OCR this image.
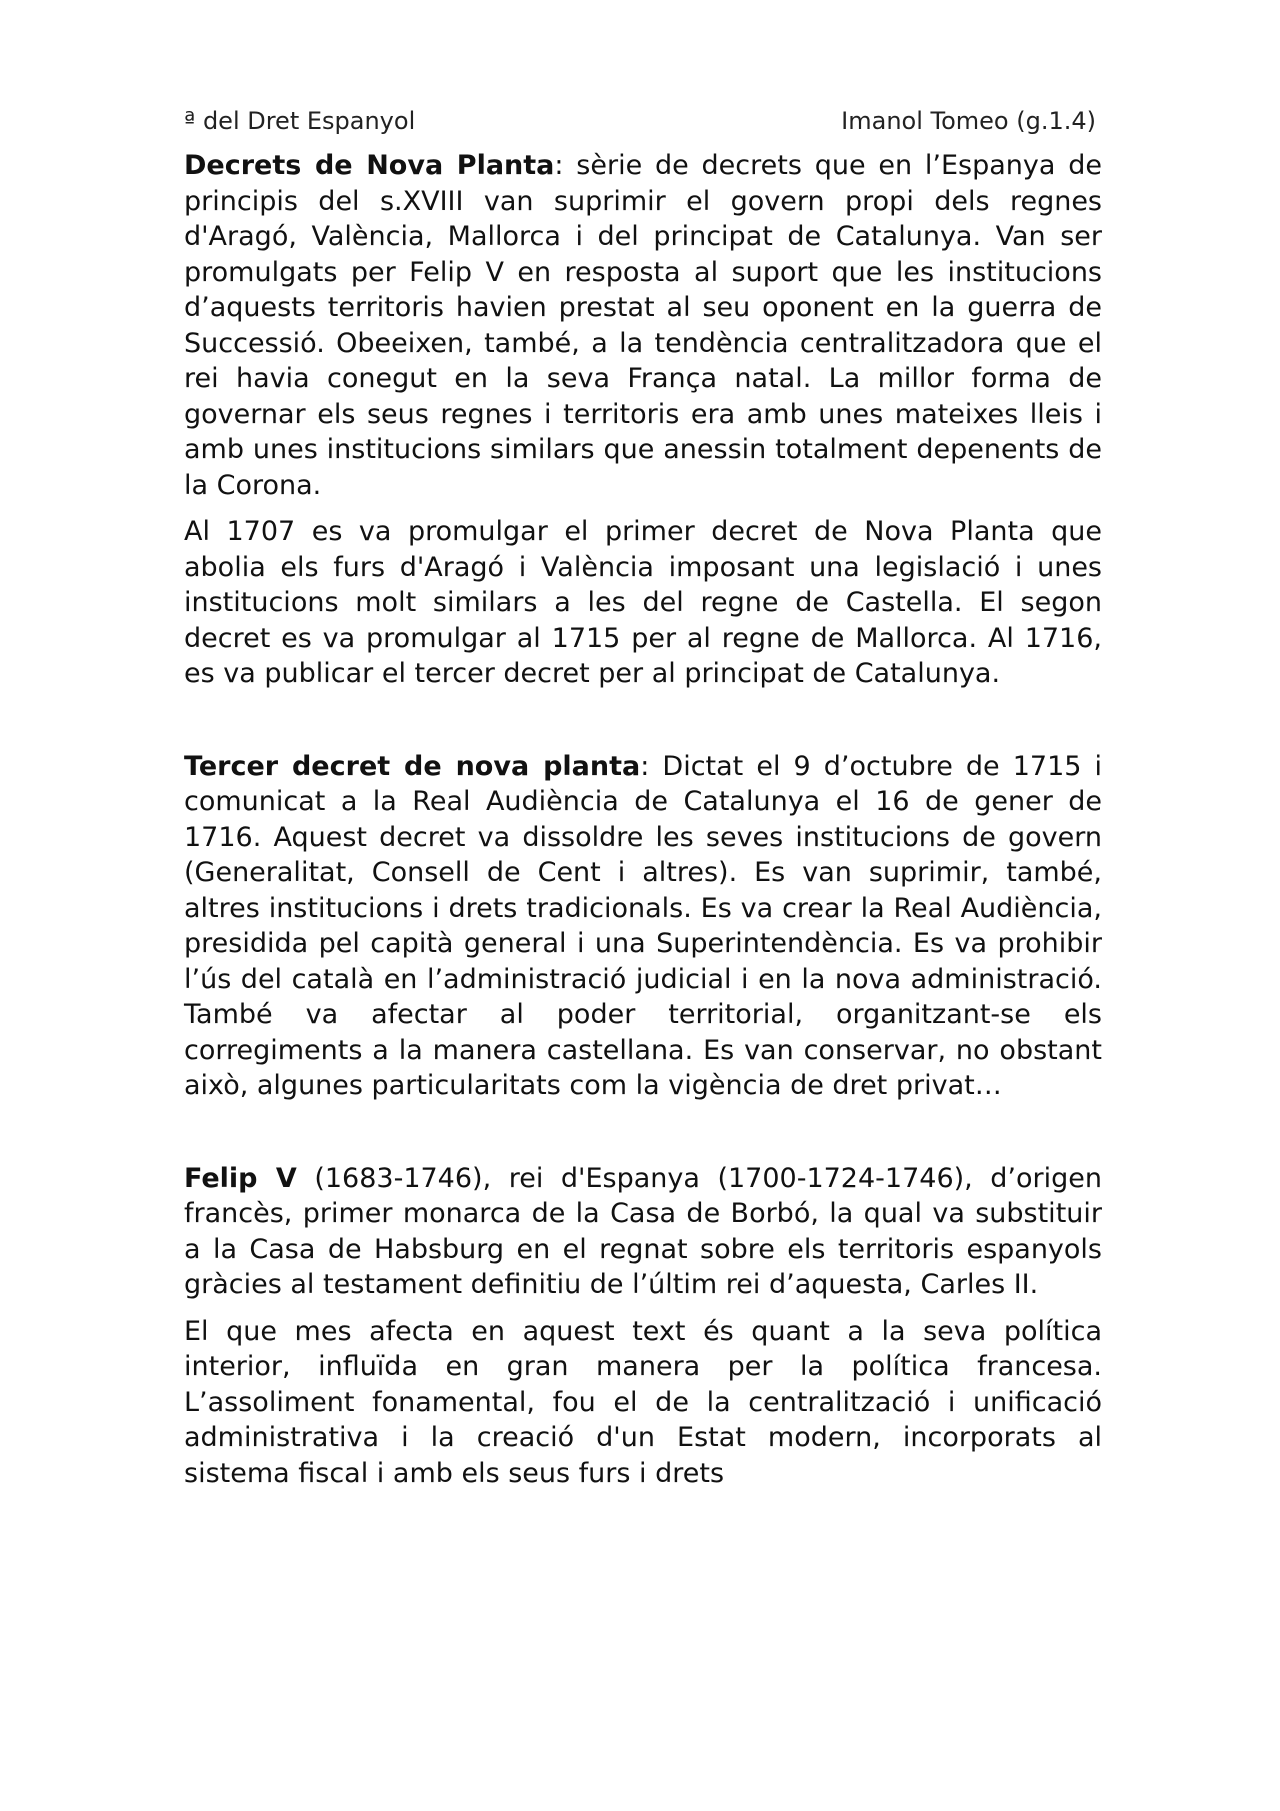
ª del Dret Espanyol	Imanol Tomeo (g.1.4)

Decrets de Nova Planta: sèrie de decrets que en l’Espanya de principis del s.XVIII van suprimir el govern propi dels regnes d'Aragó, València, Mallorca i del principat de Catalunya. Van ser promulgats per Felip V en resposta al suport que les institucions d’aquests territoris havien prestat al seu oponent en la guerra de Successió. Obeeixen, també, a la tendència centralitzadora que el rei havia conegut en la seva França natal. La millor forma de governar els seus regnes i territoris era amb unes mateixes lleis i amb unes institucions similars que anessin totalment depenents de la Corona.

Al 1707 es va promulgar el primer decret de Nova Planta que abolia els furs d'Aragó i València imposant una legislació i unes institucions molt similars a les del regne de Castella. El segon decret es va promulgar al 1715 per al regne de Mallorca. Al 1716, es va publicar el tercer decret per al principat de Catalunya.

Tercer decret de nova planta: Dictat el 9 d’octubre de 1715 i comunicat a la Real Audiència de Catalunya el 16 de gener de 1716. Aquest decret va dissoldre les seves institucions de govern (Generalitat, Consell de Cent i altres). Es van suprimir, també, altres institucions i drets tradicionals. Es va crear la Real Audiència, presidida pel capità general i una Superintendència. Es va prohibir l’ús del català en l’administració judicial i en la nova administració. També va afectar al poder territorial, organitzant-se els corregiments a la manera castellana. Es van conservar, no obstant això, algunes particularitats com la vigència de dret privat…

Felip V (1683-1746), rei d'Espanya (1700-1724-1746), d’origen francès, primer monarca de la Casa de Borbó, la qual va substituir a la Casa de Habsburg en el regnat sobre els territoris espanyols gràcies al testament definitiu de l’últim rei d’aquesta, Carles II.

El que mes afecta en aquest text és quant a la seva política interior, influïda en gran manera per la política francesa. L’assoliment fonamental, fou el de la centralització i unificació administrativa i la creació d'un Estat modern, incorporats al sistema fiscal i amb els seus furs i drets
